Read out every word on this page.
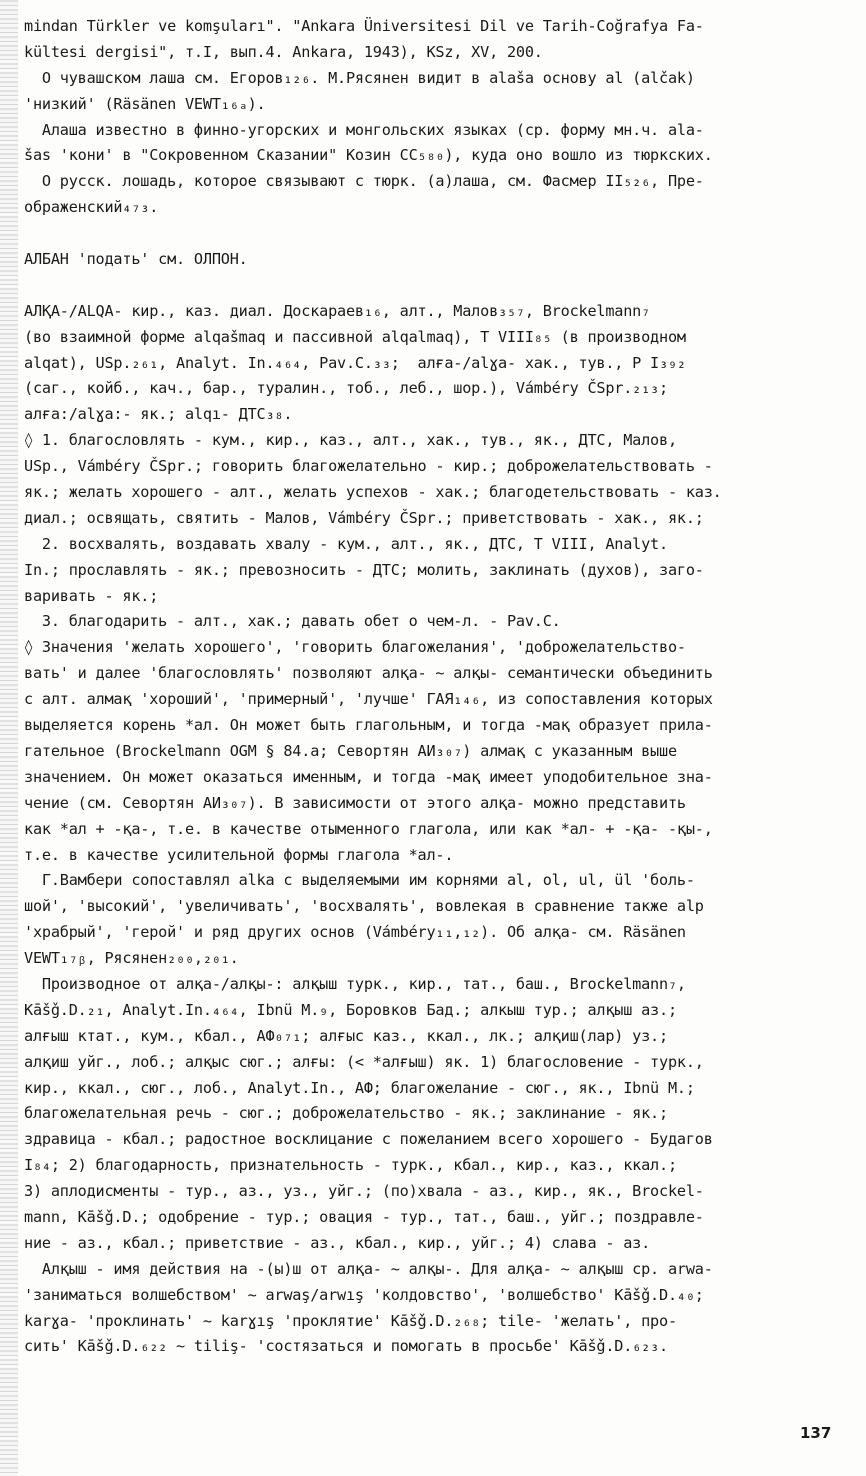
mindan Türkler ve komşuları". "Ankara Üniversitesi Dil ve Tarih-Coğrafya Fa-
kültesi dergisi", т.I, вып.4. Ankara, 1943), KSz, XV, 200.
О чувашском лаша см. Егоров₁₂₆. М.Рясянен видит в alaša основу al (alčak)
'низкий' (Räsänen VEWT₁₆ₐ).
Алаша известно в финно-угорских и монгольских языках (ср. форму мн.ч. ala-
šas 'кони' в "Сокровенном Сказании" Козин СС₅₈₀), куда оно вошло из тюркских.
О русск. лошадь, которое связывают с тюрк. (а)лаша, см. Фасмер II₅₂₆, Пре-
ображенский₄₇₃.
АЛБАН 'подать' см. ОЛПОН.
АЛҚА-/ALQA- кир., каз. диал. Доскараев₁₆, алт., Малов₃₅₇, Brockelmann₇
(во взаимной форме alqašmaq и пассивной alqalmaq), Т VIII₈₅ (в производном
alqat), USp.₂₆₁, Analyt. In.₄₆₄, Pav.C.₃₃;  алға-/alɣa- хак., тув., Р I₃₉₂
(саг., койб., кач., бар., туралин., тоб., леб., шор.), Vámbéry ČSpr.₂₁₃;
алға:/alɣa:- як.; alqı- ДТС₃₈.
◊ 1. благословлять - кум., кир., каз., алт., хак., тув., як., ДТС, Малов,
USp., Vámbéry ČSpr.; говорить благожелательно - кир.; доброжелательствовать -
як.; желать хорошего - алт., желать успехов - хак.; благодетельствовать - каз.
диал.; освящать, святить - Малов, Vámbéry ČSpr.; приветствовать - хак., як.;
2. восхвалять, воздавать хвалу - кум., алт., як., ДТС, Т VIII, Analyt.
In.; прославлять - як.; превозносить - ДТС; молить, заклинать (духов), заго-
варивать - як.;
3. благодарить - алт., хак.; давать обет о чем-л. - Pav.C.
◊ Значения 'желать хорошего', 'говорить благожелания', 'доброжелательство-
вать' и далее 'благословлять' позволяют алқа- ~ алқы- семантически объединить
с алт. алмақ 'хороший', 'примерный', 'лучше' ГАЯ₁₄₆, из сопоставления которых
выделяется корень *ал. Он может быть глагольным, и тогда -мақ образует прила-
гательное (Brockelmann OGM § 84.a; Севортян АИ₃₀₇) алмақ с указанным выше
значением. Он может оказаться именным, и тогда -мақ имеет уподобительное зна-
чение (см. Севортян АИ₃₀₇). В зависимости от этого алқа- можно представить
как *ал + -қа-, т.е. в качестве отыменного глагола, или как *ал- + -қа- -қы-,
т.е. в качестве усилительной формы глагола *ал-.
Г.Вамбери сопоставлял alka с выделяемыми им корнями al, ol, ul, ül 'боль-
шой', 'высокий', 'увеличивать', 'восхвалять', вовлекая в сравнение также alp
'храбрый', 'герой' и ряд других основ (Vámbéry₁₁,₁₂). Об алқа- см. Räsänen
VEWT₁₇ᵦ, Рясянен₂₀₀,₂₀₁.
Производное от алқа-/алқы-: алқыш турк., кир., тат., баш., Brockelmann₇,
Kāšǧ.D.₂₁, Analyt.In.₄₆₄, Ibnü M.₉, Боровков Бад.; алкыш тур.; алқыш аз.;
алғыш ктат., кум., кбал., АФ₀₇₁; алғыс каз., ккал., лк.; алқиш(лар) уз.;
алқиш уйг., лоб.; алқыс сюг.; алғы: (< *алғыш) як. 1) благословение - турк.,
кир., ккал., сюг., лоб., Analyt.In., АФ; благожелание - сюг., як., Ibnü M.;
благожелательная речь - сюг.; доброжелательство - як.; заклинание - як.;
здравица - кбал.; радостное восклицание с пожеланием всего хорошего - Будагов
I₈₄; 2) благодарность, признательность - турк., кбал., кир., каз., ккал.;
3) аплодисменты - тур., аз., уз., уйг.; (по)хвала - аз., кир., як., Brockel-
mann, Kāšǧ.D.; одобрение - тур.; овация - тур., тат., баш., уйг.; поздравле-
ние - аз., кбал.; приветствие - аз., кбал., кир., уйг.; 4) слава - аз.
Алқыш - имя действия на -(ы)ш от алқа- ~ алқы-. Для алқа- ~ алқыш ср. arwa-
'заниматься волшебством' ~ arwaş/arwış 'колдовство', 'волшебство' Kāšǧ.D.₄₀;
karɣa- 'проклинать' ~ karɣış 'проклятие' Kāšǧ.D.₂₆₈; tile- 'желать', про-
сить' Kāšǧ.D.₆₂₂ ~ tiliş- 'состязаться и помогать в просьбе' Kāšǧ.D.₆₂₃.
137
